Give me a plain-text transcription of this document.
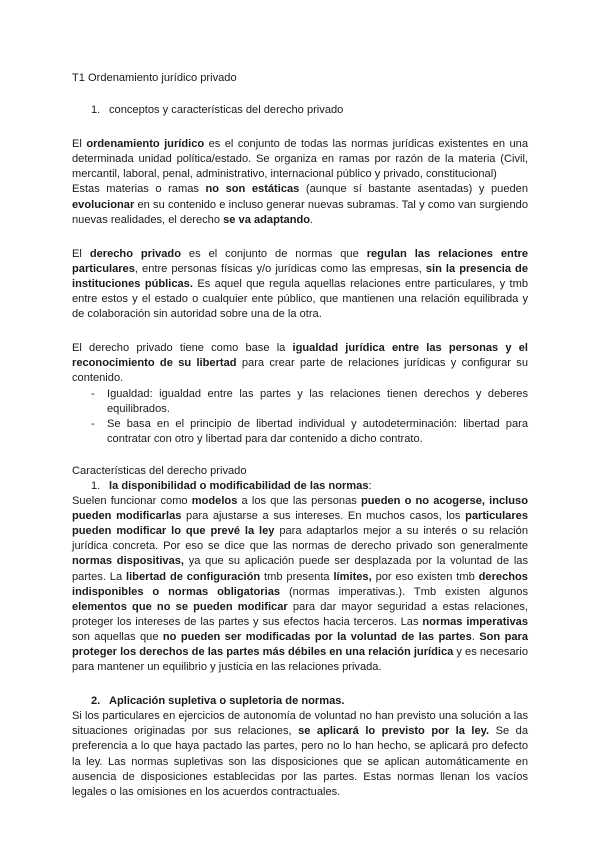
T1 Ordenamiento jurídico privado

1. conceptos y características del derecho privado

El ordenamiento jurídico es el conjunto de todas las normas jurídicas existentes en una determinada unidad política/estado. Se organiza en ramas por razón de la materia (Civil, mercantil, laboral, penal, administrativo, internacional público y privado, constitucional)

Estas materias o ramas no son estáticas (aunque sí bastante asentadas) y pueden evolucionar en su contenido e incluso generar nuevas subramas. Tal y como van surgiendo nuevas realidades, el derecho se va adaptando.

El derecho privado es el conjunto de normas que regulan las relaciones entre particulares, entre personas físicas y/o jurídicas como las empresas, sin la presencia de instituciones públicas. Es aquel que regula aquellas relaciones entre particulares, y tmb entre estos y el estado o cualquier ente público, que mantienen una relación equilibrada y de colaboración sin autoridad sobre una de la otra.

El derecho privado tiene como base la igualdad jurídica entre las personas y el reconocimiento de su libertad para crear parte de relaciones jurídicas y configurar su contenido.

- Igualdad: igualdad entre las partes y las relaciones tienen derechos y deberes equilibrados.
- Se basa en el principio de libertad individual y autodeterminación: libertad para contratar con otro y libertad para dar contenido a dicho contrato.

Características del derecho privado

1. la disponibilidad o modificabilidad de las normas:

Suelen funcionar como modelos a los que las personas pueden o no acogerse, incluso pueden modificarlas para ajustarse a sus intereses. En muchos casos, los particulares pueden modificar lo que prevé la ley para adaptarlos mejor a su interés o su relación jurídica concreta. Por eso se dice que las normas de derecho privado son generalmente normas dispositivas, ya que su aplicación puede ser desplazada por la voluntad de las partes. La libertad de configuración tmb presenta límites, por eso existen tmb derechos indisponibles o normas obligatorias (normas imperativas.). Tmb existen algunos elementos que no se pueden modificar para dar mayor seguridad a estas relaciones, proteger los intereses de las partes y sus efectos hacia terceros. Las normas imperativas son aquellas que no pueden ser modificadas por la voluntad de las partes. Son para proteger los derechos de las partes más débiles en una relación jurídica y es necesario para mantener un equilibrio y justicia en las relaciones privada.

2. Aplicación supletiva o supletoria de normas.

Si los particulares en ejercicios de autonomía de voluntad no han previsto una solución a las situaciones originadas por sus relaciones, se aplicará lo previsto por la ley. Se da preferencia a lo que haya pactado las partes, pero no lo han hecho, se aplicará pro defecto la ley. Las normas supletivas son las disposiciones que se aplican automáticamente en ausencia de disposiciones establecidas por las partes. Estas normas llenan los vacíos legales o las omisiones en los acuerdos contractuales.
